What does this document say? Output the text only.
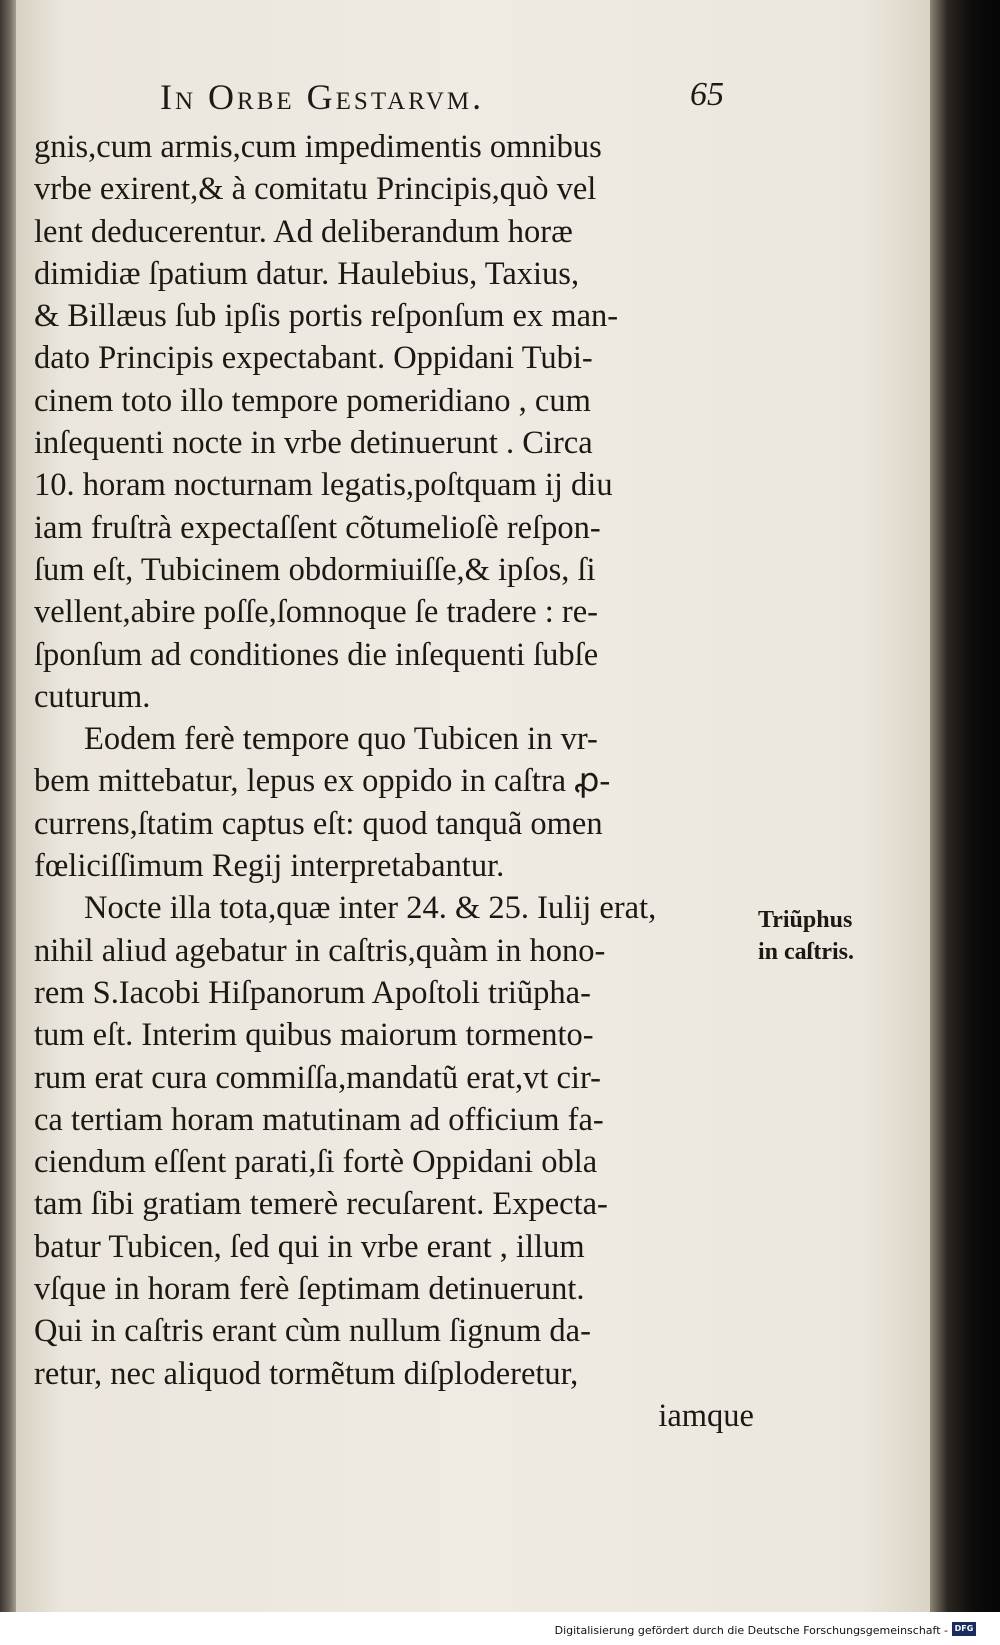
In Orbe Gestarvm.	65
gnis,cum armis,cum impedimentis omnibus
vrbe exirent,& à comitatu Principis,quò vel
lent deducerentur. Ad deliberandum horæ
dimidiæ ſpatium datur. Haulebius, Taxius,
& Billæus ſub ipſis portis reſponſum ex man-
dato Principis expectabant. Oppidani Tubi-
cinem toto illo tempore pomeridiano , cum
inſequenti nocte in vrbe detinuerunt . Circa
10. horam nocturnam legatis,poſtquam ij diu
iam fruſtrà expectaſſent cõtumelioſè reſpon-
ſum eſt, Tubicinem obdormiuiſſe,& ipſos, ſi
vellent,abire poſſe,ſomnoque ſe tradere : re-
ſponſum ad conditiones die inſequenti ſubſe
cuturum.
Eodem ferè tempore quo Tubicen in vr-
bem mittebatur, lepus ex oppido in caſtra ꝓ-
currens,ſtatim captus eſt: quod tanquã omen
fœliciſſimum Regij interpretabantur.
Nocte illa tota,quæ inter 24. & 25. Iulij erat,
nihil aliud agebatur in caſtris,quàm in hono-
rem S.Iacobi Hiſpanorum Apoſtoli triũpha-
tum eſt. Interim quibus maiorum tormento-
rum erat cura commiſſa,mandatũ erat,vt cir-
ca tertiam horam matutinam ad officium fa-
ciendum eſſent parati,ſi fortè Oppidani obla
tam ſibi gratiam temerè recuſarent. Expecta-
batur Tubicen, ſed qui in vrbe erant , illum
vſque in horam ferè ſeptimam detinuerunt.
Qui in caſtris erant cùm nullum ſignum da-
retur, nec aliquod tormẽtum diſploderetur,
iamque
Triũphus
in caſtris.
Digitalisierung gefördert durch die Deutsche Forschungsgemeinschaft - DFG
